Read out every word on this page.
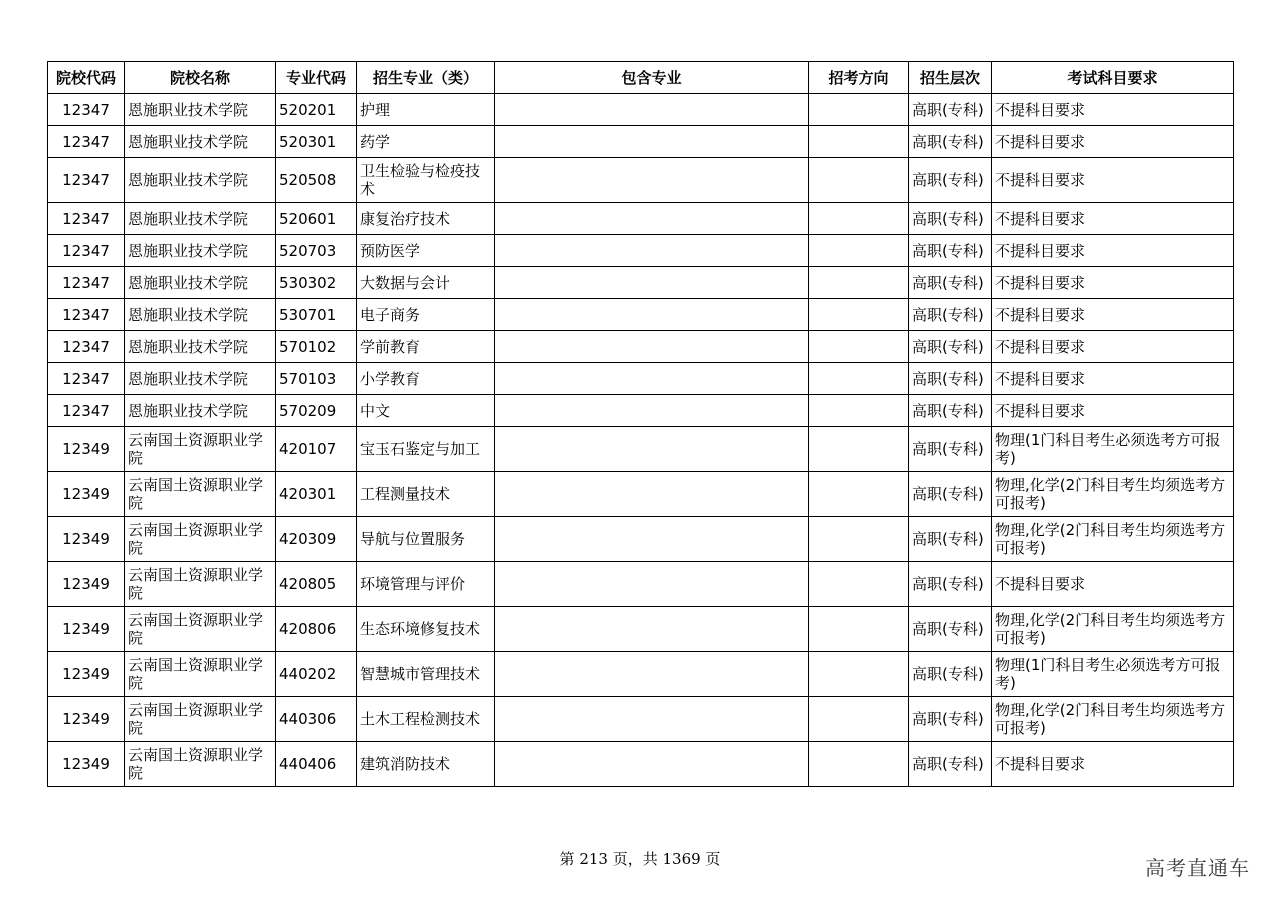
院校代码	院校名称	专业代码	招生专业（类）	包含专业	招考方向	招生层次	考试科目要求
12347	恩施职业技术学院	520201	护理			高职(专科)	不提科目要求
12347	恩施职业技术学院	520301	药学			高职(专科)	不提科目要求
12347	恩施职业技术学院	520508	卫生检验与检疫技术			高职(专科)	不提科目要求
12347	恩施职业技术学院	520601	康复治疗技术			高职(专科)	不提科目要求
12347	恩施职业技术学院	520703	预防医学			高职(专科)	不提科目要求
12347	恩施职业技术学院	530302	大数据与会计			高职(专科)	不提科目要求
12347	恩施职业技术学院	530701	电子商务			高职(专科)	不提科目要求
12347	恩施职业技术学院	570102	学前教育			高职(专科)	不提科目要求
12347	恩施职业技术学院	570103	小学教育			高职(专科)	不提科目要求
12347	恩施职业技术学院	570209	中文			高职(专科)	不提科目要求
12349	云南国土资源职业学院	420107	宝玉石鉴定与加工			高职(专科)	物理(1门科目考生必须选考方可报考)
12349	云南国土资源职业学院	420301	工程测量技术			高职(专科)	物理,化学(2门科目考生均须选考方可报考)
12349	云南国土资源职业学院	420309	导航与位置服务			高职(专科)	物理,化学(2门科目考生均须选考方可报考)
12349	云南国土资源职业学院	420805	环境管理与评价			高职(专科)	不提科目要求
12349	云南国土资源职业学院	420806	生态环境修复技术			高职(专科)	物理,化学(2门科目考生均须选考方可报考)
12349	云南国土资源职业学院	440202	智慧城市管理技术			高职(专科)	物理(1门科目考生必须选考方可报考)
12349	云南国土资源职业学院	440306	土木工程检测技术			高职(专科)	物理,化学(2门科目考生均须选考方可报考)
12349	云南国土资源职业学院	440406	建筑消防技术			高职(专科)	不提科目要求
第 213 页，共 1369 页	高考直通车
